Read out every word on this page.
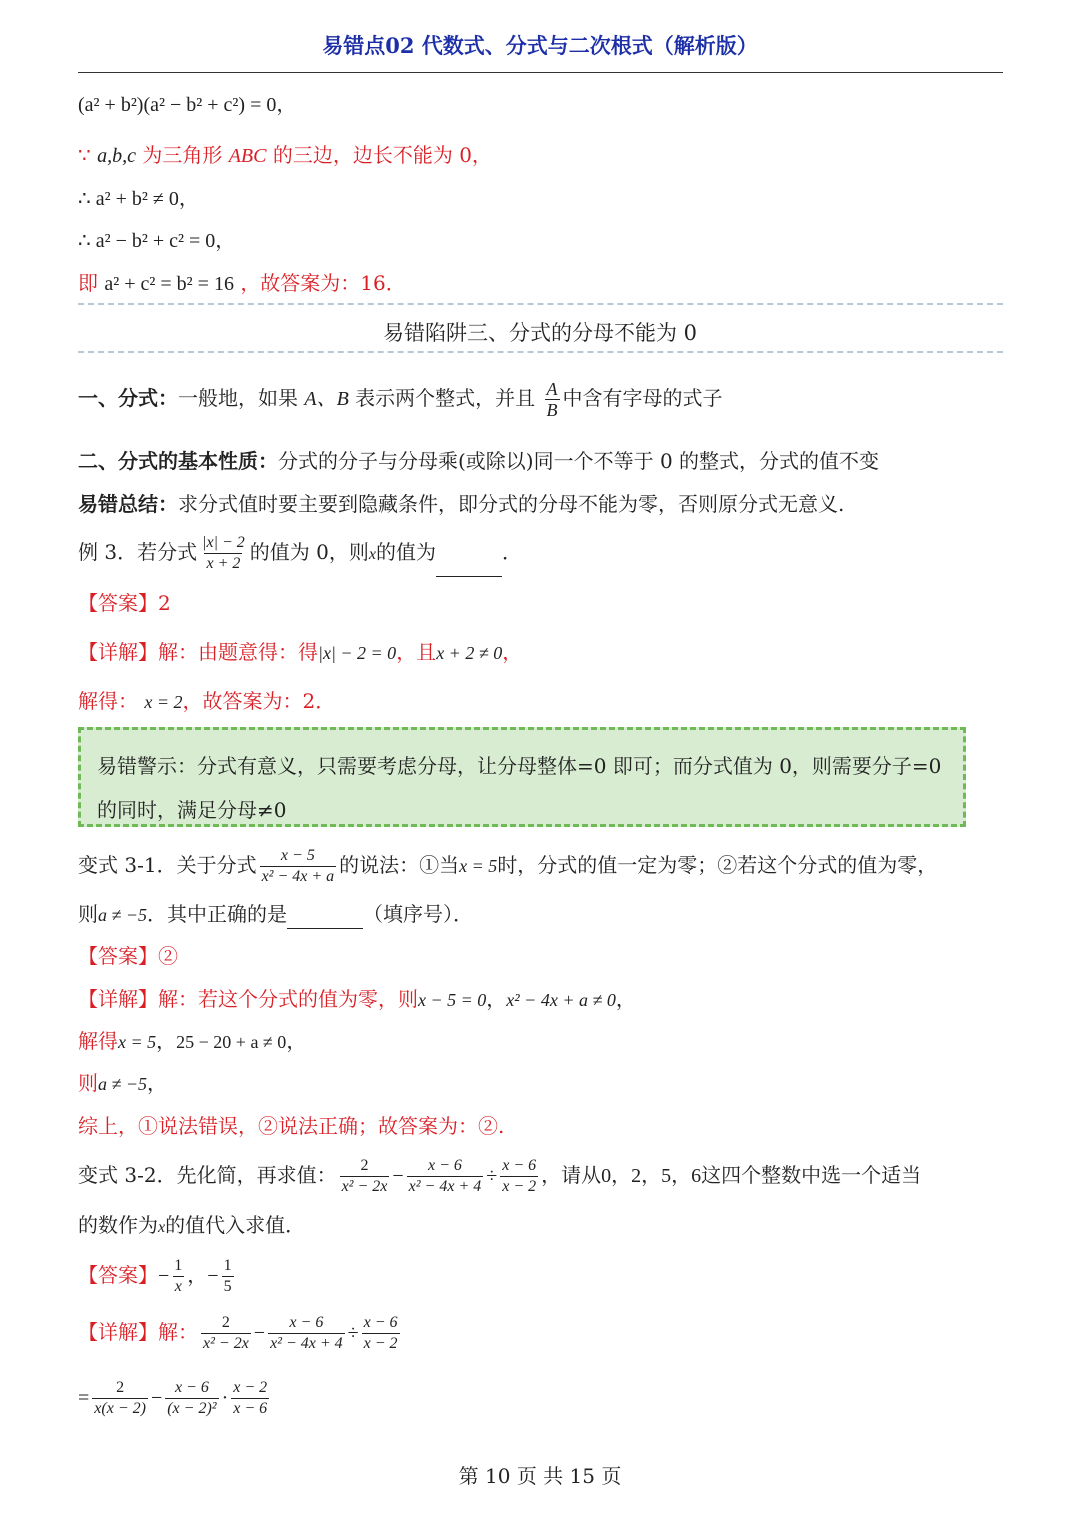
易错点02 代数式、分式与二次根式（解析版）
(a² + b²)(a² − b² + c²) = 0，
∵ a,b,c 为三角形 ABC 的三边，边长不能为 0，
∴ a² + b² ≠ 0，
∴ a² − b² + c² = 0，
即 a² + c² = b² = 16 ，故答案为：16．
易错陷阱三、分式的分母不能为 0
一、分式：一般地，如果 A、B 表示两个整式，并且 $\frac{A}{B}$ 中含有字母的式子
二、分式的基本性质：分式的分子与分母乘(或除以)同一个不等于 0 的整式，分式的值不变
易错总结：求分式值时要主要到隐藏条件，即分式的分母不能为零，否则原分式无意义.
例 3．若分式 $\frac{|x| - 2}{x + 2}$ 的值为 0，则x的值为	．
【答案】2
【详解】解：由题意得：得|x| − 2 = 0，且x + 2 ≠ 0，
解得： x = 2，故答案为：2．
易错警示：分式有意义，只需要考虑分母，让分母整体=0 即可；而分式值为 0，则需要分子=0 的同时，满足分母≠0
变式 3-1．关于分式 $\frac{x - 5}{\text{x² − 4x + a}}$ 的说法：①当x = 5时，分式的值一定为零；②若这个分式的值为零，
则a ≠ −5．其中正确的是	（填序号）．
【答案】②
【详解】解：若这个分式的值为零，则x − 5 = 0，x² − 4x + a ≠ 0，
解得x = 5，25 − 20 + a ≠ 0，
则a ≠ −5，
综上，①说法错误，②说法正确；故答案为：②.
变式 3-2．先化简，再求值： $\frac{2}{\text{x² − 2x}} - \frac{x - 6}{\text{x² − 4x + 4}} \div \frac{x - 6}{x - 2}$ ，请从0，2，5，6这四个整数中选一个适当
的数作为x的值代入求值．
【答案】− $\frac{1}{x}$ ，− $\frac{1}{5}$
【详解】解： $\frac{2}{\text{x² − 2x}} - \frac{x - 6}{\text{x² − 4x + 4}} \div \frac{x - 6}{x - 2}$
= $\frac{2}{x(x - 2)} - \frac{x - 6}{\text{(x − 2)²}} \cdot \frac{x - 2}{x - 6}$
第 10 页 共 15 页
